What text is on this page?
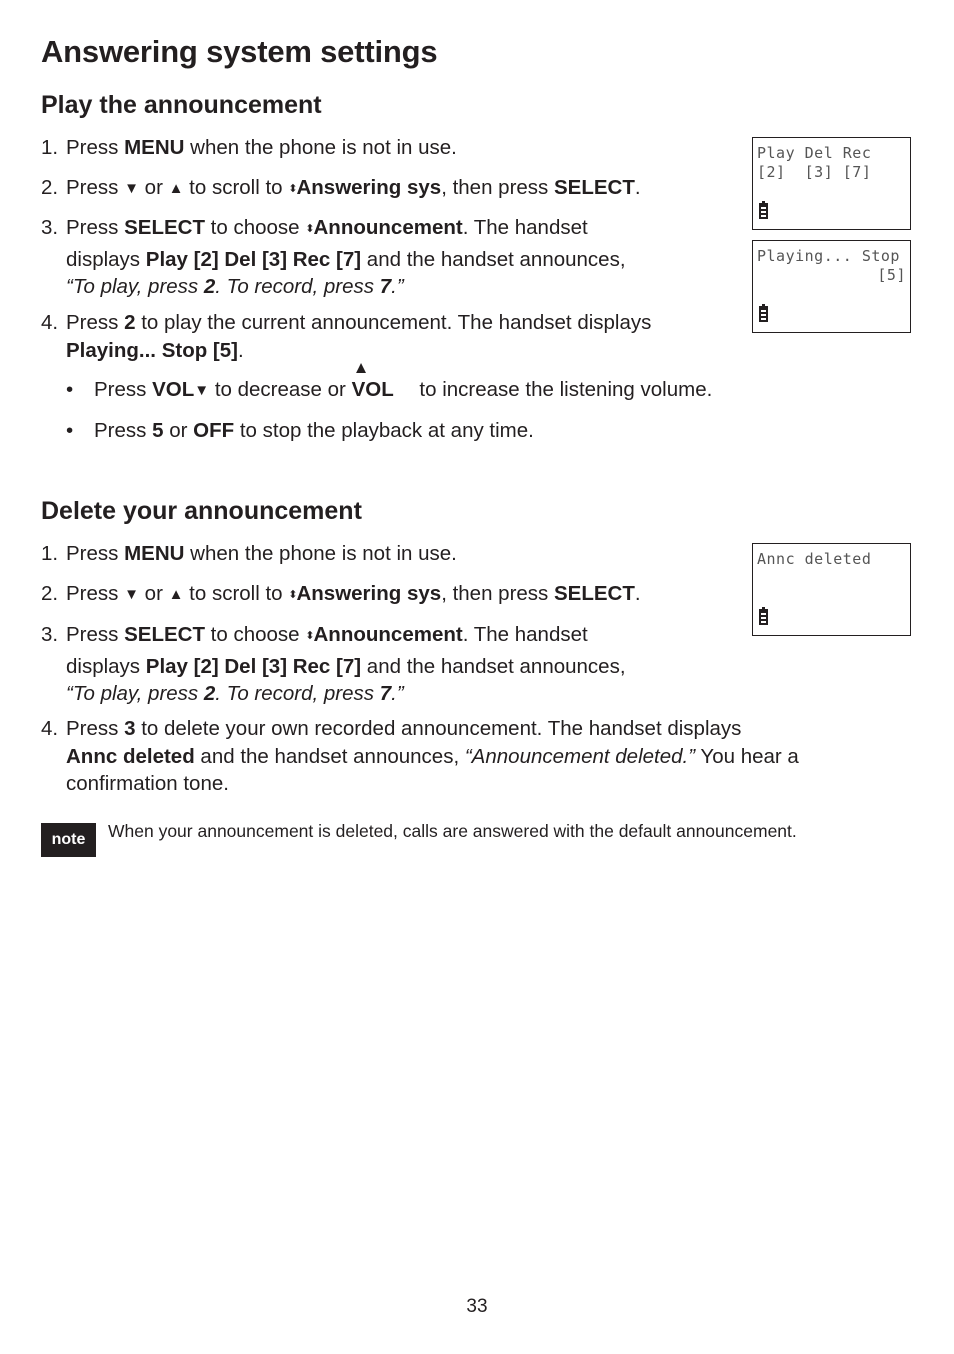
Answering system settings
Play the announcement
1. Press MENU when the phone is not in use.
2. Press ▼ or ▲ to scroll to ⬍Answering sys, then press SELECT.
3. Press SELECT to choose ⬍Announcement. The handset
displays Play [2] Del [3] Rec [7] and the handset announces,
“To play, press 2. To record, press 7.”
4. Press 2 to play the current announcement. The handset displays
Playing... Stop [5].
• Press VOL▼ to decrease or VOL
▲
to increase the listening volume.
• Press 5 or OFF to stop the playback at any time.
Play Del Rec
[2]  [3] [7]
Playing... Stop
[5]
Delete your announcement
1. Press MENU when the phone is not in use.
2. Press ▼ or ▲ to scroll to ⬍Answering sys, then press SELECT.
3. Press SELECT to choose ⬍Announcement. The handset
displays Play [2] Del [3] Rec [7] and the handset announces,
“To play, press 2. To record, press 7.”
4. Press 3 to delete your own recorded announcement. The handset displays
Annc deleted and the handset announces, “Announcement deleted.” You hear a
confirmation tone.
Annc deleted
note	When your announcement is deleted, calls are answered with the default announcement.
33
